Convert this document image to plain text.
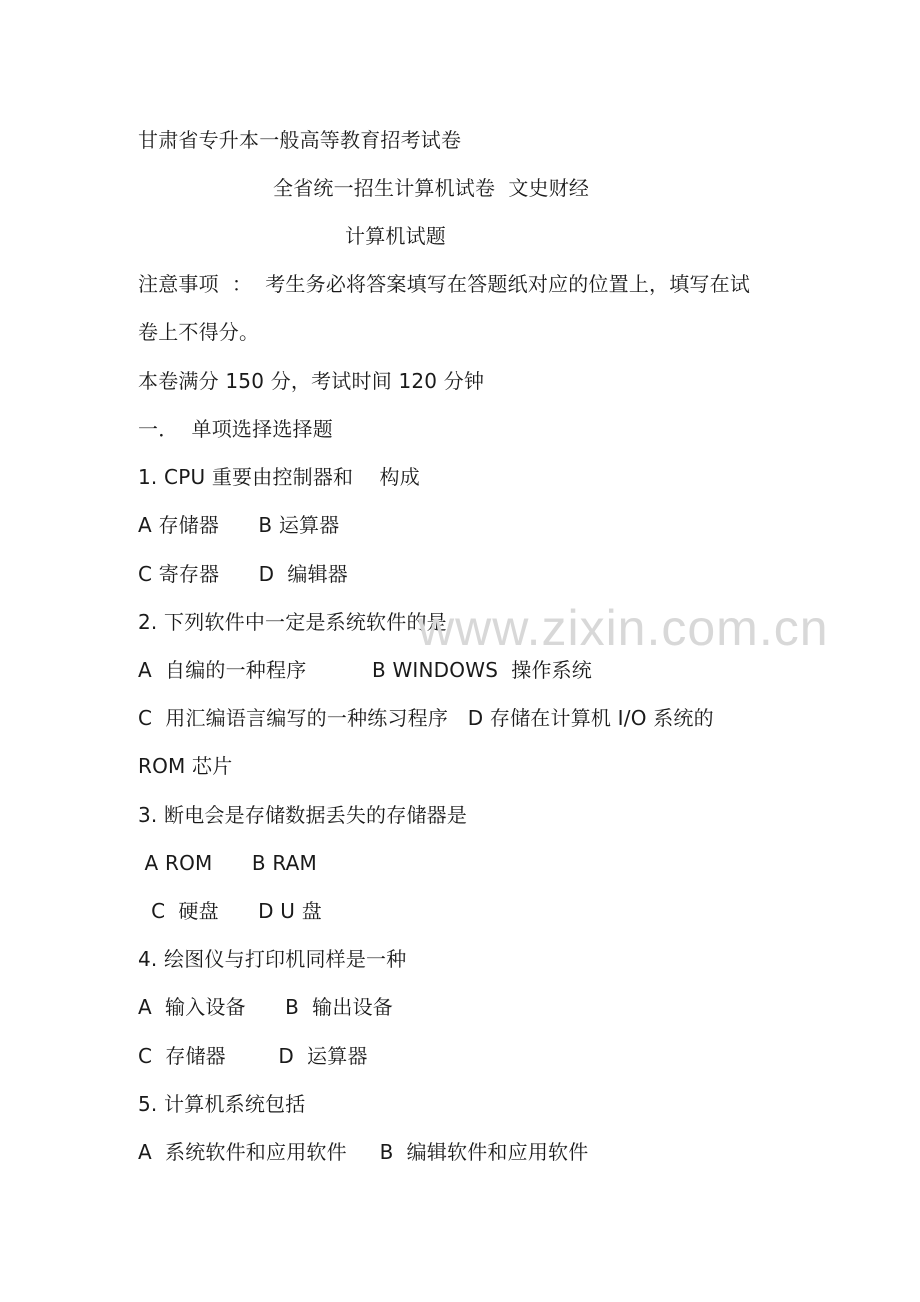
甘肃省专升本一般高等教育招考试卷
全省统一招生计算机试卷  文史财经
计算机试题
注意事项  ：  考生务必将答案填写在答题纸对应的位置上，填写在试
卷上不得分。
本卷满分 150 分，考试时间 120 分钟
一．  单项选择选择题
1. CPU 重要由控制器和    构成
A 存储器      B 运算器
C 寄存器      D  编辑器
2. 下列软件中一定是系统软件的是
A  自编的一种程序          B WINDOWS  操作系统
C  用汇编语言编写的一种练习程序   D 存储在计算机 I/O 系统的
ROM 芯片
3. 断电会是存储数据丢失的存储器是
A ROM      B RAM
C  硬盘      D U 盘
4. 绘图仪与打印机同样是一种
A  输入设备      B  输出设备
C  存储器        D  运算器
5. 计算机系统包括
A  系统软件和应用软件     B  编辑软件和应用软件
www.zixin.com.cn
